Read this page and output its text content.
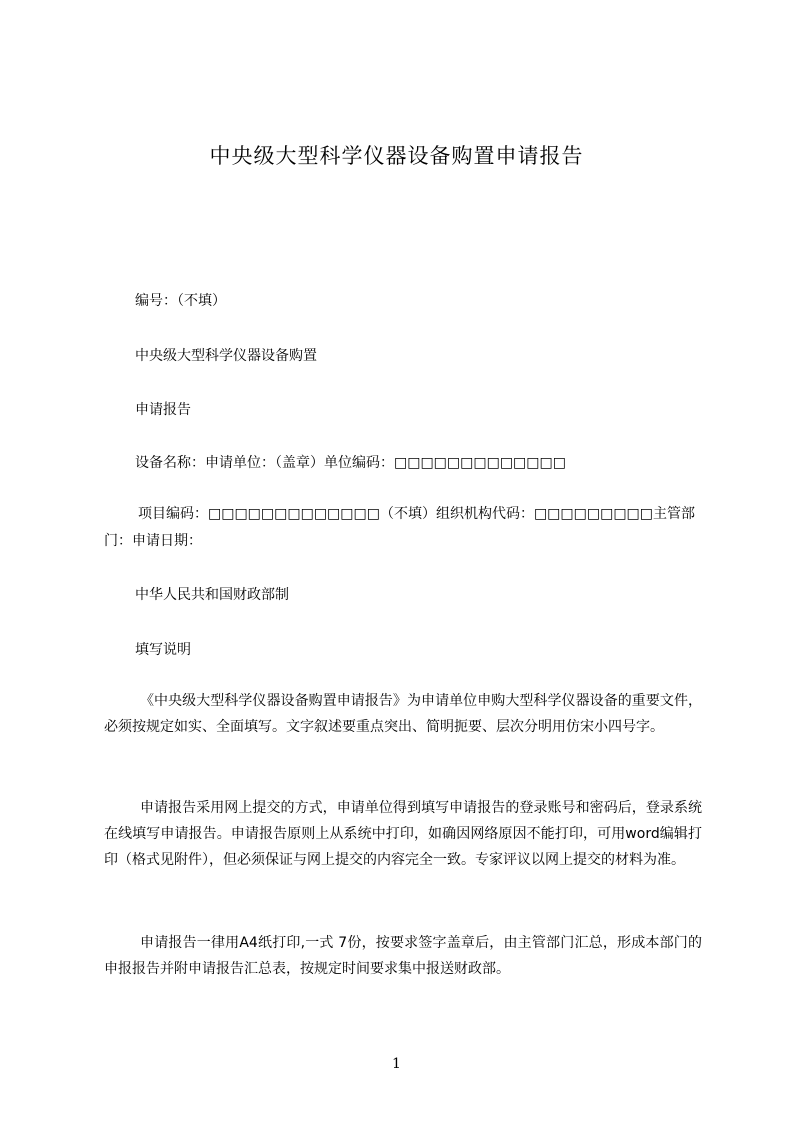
中央级大型科学仪器设备购置申请报告
编号：（不填）
中央级大型科学仪器设备购置
申请报告
设备名称：申请单位：（盖章）单位编码：□□□□□□□□□□□□□
项目编码：□□□□□□□□□□□□□（不填）组织机构代码：□□□□□□□□□主管部门：申请日期：
中华人民共和国财政部制
填写说明
《中央级大型科学仪器设备购置申请报告》为申请单位申购大型科学仪器设备的重要文件，必须按规定如实、全面填写。文字叙述要重点突出、简明扼要、层次分明用仿宋小四号字。
申请报告采用网上提交的方式，申请单位得到填写申请报告的登录账号和密码后，登录系统在线填写申请报告。申请报告原则上从系统中打印，如确因网络原因不能打印，可用word编辑打印（格式见附件），但必须保证与网上提交的内容完全一致。专家评议以网上提交的材料为准。
申请报告一律用A4纸打印,一式 7份，按要求签字盖章后，由主管部门汇总，形成本部门的申报报告并附申请报告汇总表，按规定时间要求集中报送财政部。
1
